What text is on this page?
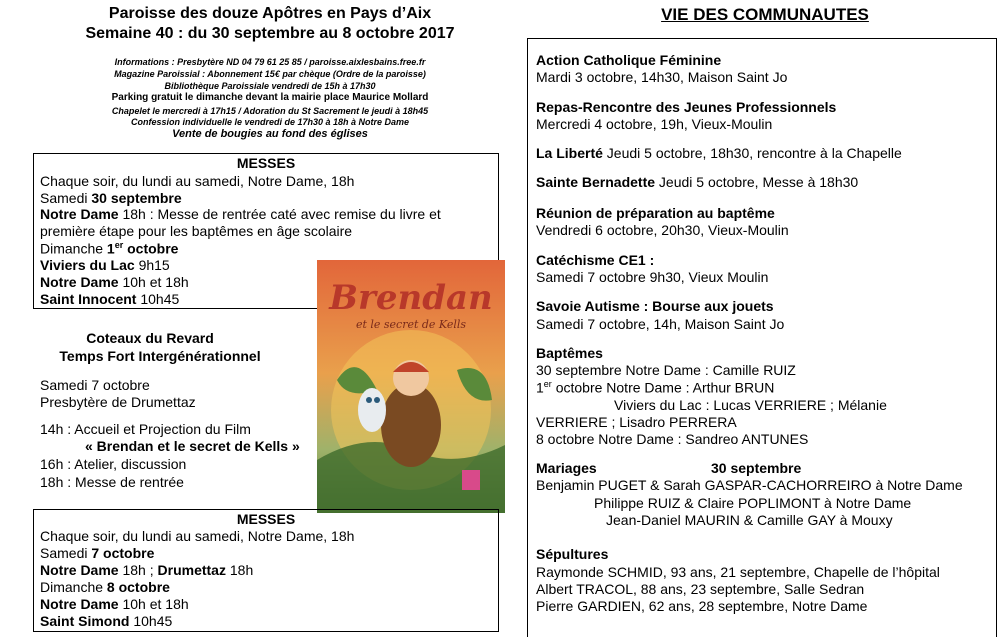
Paroisse des douze Apôtres en Pays d’Aix
Semaine 40 : du 30 septembre au 8 octobre 2017
Informations : Presbytère ND 04 79 61 25 85 / paroisse.aixlesbains.free.fr
Magazine Paroissial : Abonnement 15€ par chèque (Ordre de la paroisse)
Bibliothèque Paroissiale vendredi de 15h à 17h30
Parking gratuit le dimanche devant la mairie place Maurice Mollard
Chapelet le mercredi à 17h15 / Adoration du St Sacrement le jeudi à 18h45
Confession individuelle le vendredi de 17h30 à 18h à Notre Dame
Vente de bougies au fond des églises
MESSES
Chaque soir, du lundi au samedi, Notre Dame, 18h
Samedi 30 septembre
Notre Dame 18h : Messe de rentrée caté avec remise du livre et
première étape pour les baptêmes en âge scolaire
Dimanche 1er octobre
Viviers du Lac 9h15
Notre Dame 10h et 18h
Saint Innocent 10h45
Coteaux du Revard
Temps Fort Intergénérationnel
Samedi 7 octobre
Presbytère de Drumettaz
14h : Accueil et Projection du Film
« Brendan et le secret de Kells »
16h : Atelier, discussion
18h : Messe de rentrée
Brendan
et le secret de Kells
MESSES
Chaque soir, du lundi au samedi, Notre Dame, 18h
Samedi 7 octobre
Notre Dame 18h ; Drumettaz 18h
Dimanche 8 octobre
Notre Dame 10h et 18h
Saint Simond 10h45
VIE DES COMMUNAUTES
Action Catholique Féminine
Mardi 3 octobre, 14h30, Maison Saint Jo
Repas-Rencontre des Jeunes Professionnels
Mercredi 4 octobre, 19h, Vieux-Moulin
La Liberté Jeudi 5 octobre, 18h30, rencontre à la Chapelle
Sainte Bernadette Jeudi 5 octobre, Messe à 18h30
Réunion de préparation au baptême
Vendredi 6 octobre, 20h30, Vieux-Moulin
Catéchisme CE1 :
Samedi 7 octobre 9h30, Vieux Moulin
Savoie Autisme : Bourse aux jouets
Samedi 7 octobre, 14h, Maison Saint Jo
Baptêmes
30 septembre Notre Dame : Camille RUIZ
1er octobre Notre Dame : Arthur BRUN
Viviers du Lac : Lucas VERRIERE ; Mélanie
VERRIERE ; Lisadro PERRERA
8 octobre Notre Dame : Sandreo ANTUNES
Mariages	30 septembre
Benjamin PUGET & Sarah GASPAR-CACHORREIRO à Notre Dame
Philippe RUIZ & Claire POPLIMONT à Notre Dame
Jean-Daniel MAURIN & Camille GAY à Mouxy
Sépultures
Raymonde SCHMID, 93 ans, 21 septembre, Chapelle de l’hôpital
Albert TRACOL, 88 ans, 23 septembre, Salle Sedran
Pierre GARDIEN, 62 ans, 28 septembre, Notre Dame
